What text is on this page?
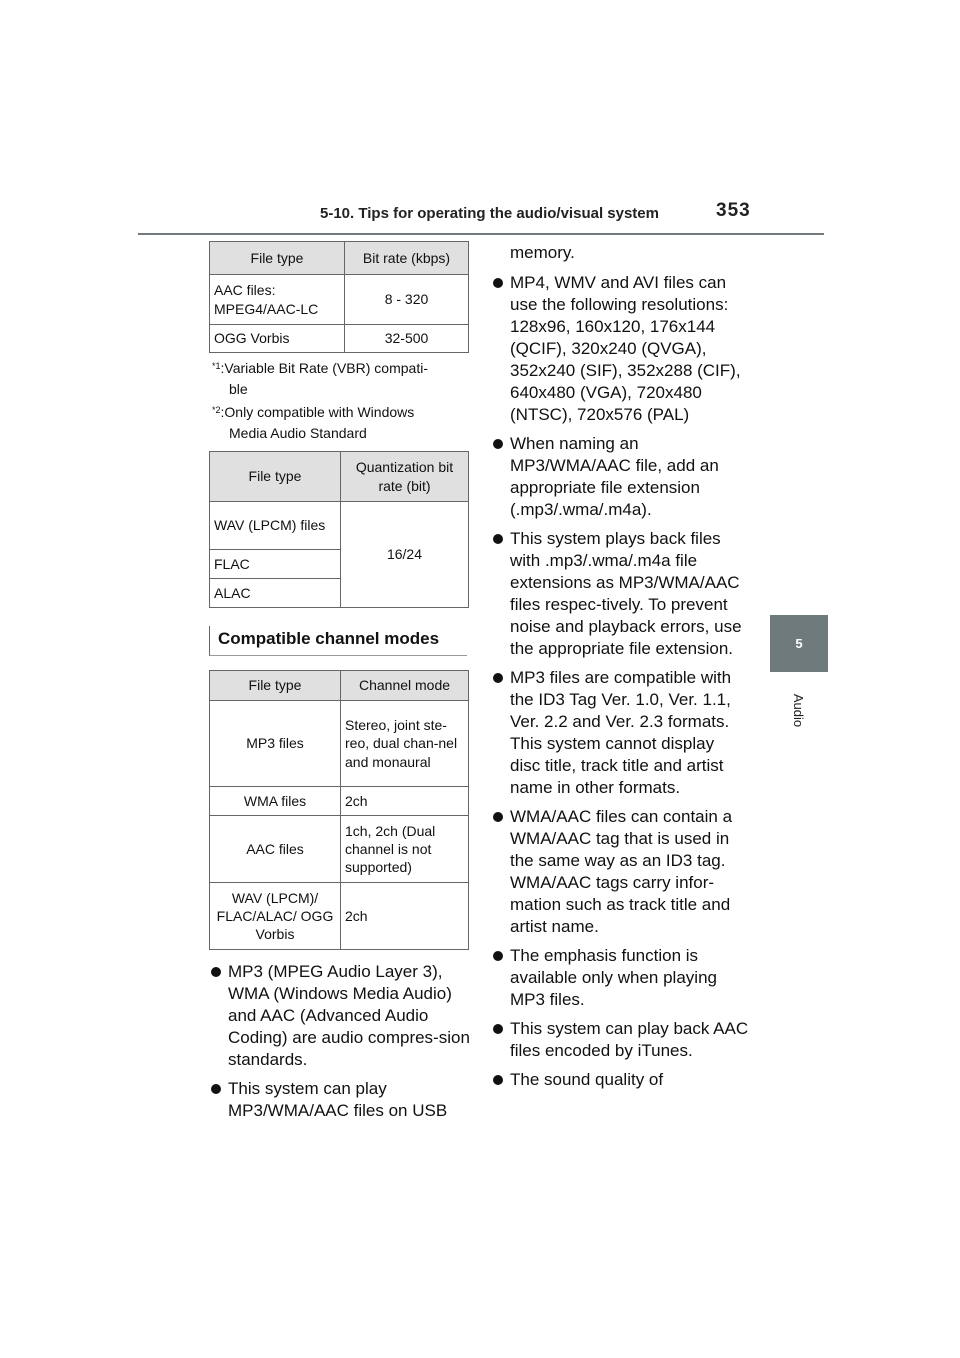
5-10. Tips for operating the audio/visual system	353
5
Audio
File type	Bit rate (kbps)
AAC files: MPEG4/AAC-LC	8 - 320
OGG Vorbis	32-500
$^{*1}$:Variable Bit Rate (VBR) compati-
ble
$^{*2}$:Only compatible with Windows
Media Audio Standard
File type	Quantization bit rate (bit)
WAV (LPCM) files	16/24
FLAC	
ALAC	
Compatible channel modes
File type	Channel mode
MP3 files	Stereo, joint ste-reo, dual chan-nel and monaural
WMA files	2ch
AAC files	1ch, 2ch (Dual channel is not supported)
WAV (LPCM)/ FLAC/ALAC/ OGG Vorbis	2ch
MP3 (MPEG Audio Layer 3), WMA (Windows Media Audio) and AAC (Advanced Audio Coding) are audio compres-sion standards.
This system can play MP3/WMA/AAC files on USB
memory.
MP4, WMV and AVI files can use the following resolutions: 128x96, 160x120, 176x144 (QCIF), 320x240 (QVGA), 352x240 (SIF), 352x288 (CIF), 640x480 (VGA), 720x480 (NTSC), 720x576 (PAL)
When naming an MP3/WMA/AAC file, add an appropriate file extension (.mp3/.wma/.m4a).
This system plays back files with .mp3/.wma/.m4a file extensions as MP3/WMA/AAC files respec-tively. To prevent noise and playback errors, use the appropriate file extension.
MP3 files are compatible with the ID3 Tag Ver. 1.0, Ver. 1.1, Ver. 2.2 and Ver. 2.3 formats. This system cannot display disc title, track title and artist name in other formats.
WMA/AAC files can contain a WMA/AAC tag that is used in the same way as an ID3 tag. WMA/AAC tags carry infor-mation such as track title and artist name.
The emphasis function is available only when playing MP3 files.
This system can play back AAC files encoded by iTunes.
The sound quality of
